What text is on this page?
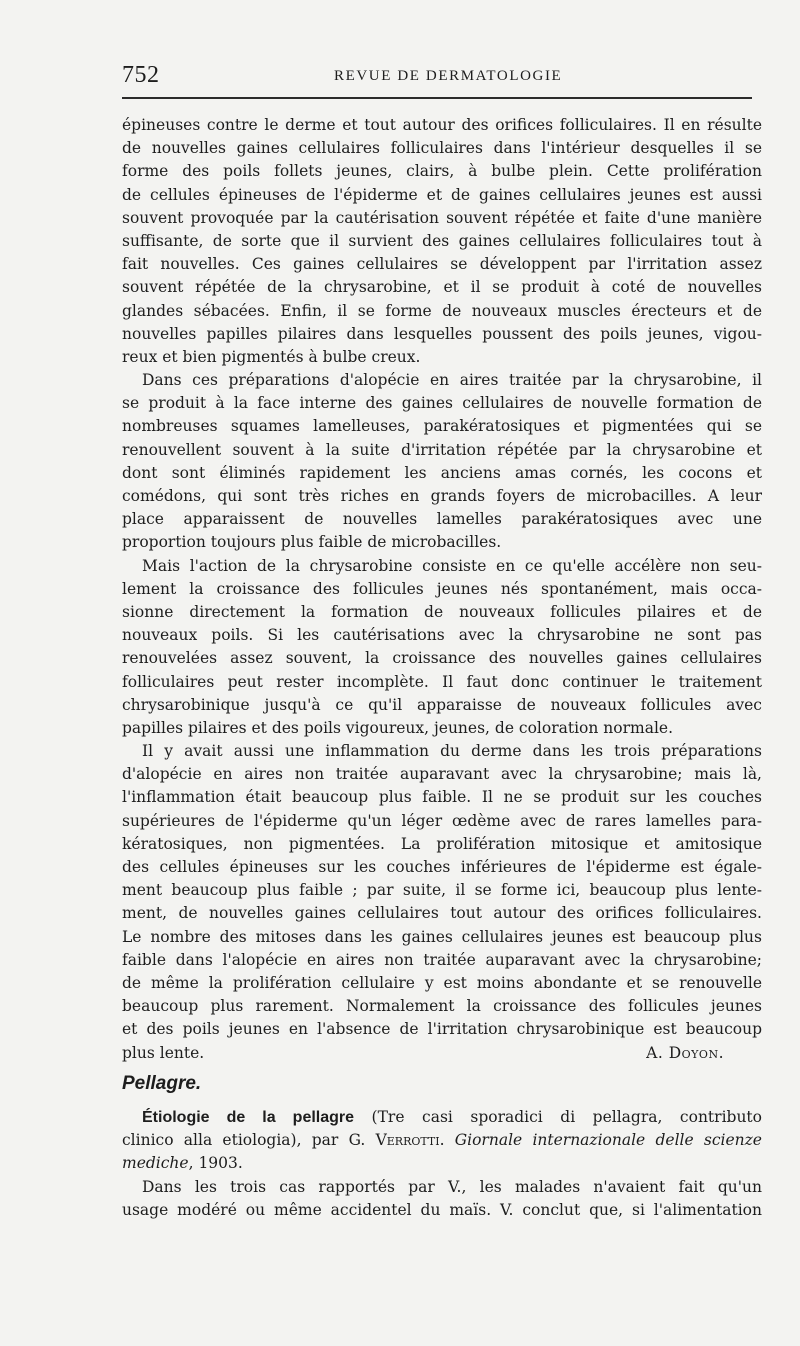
752	REVUE DE DERMATOLOGIE
épineuses contre le derme et tout autour des orifices folliculaires. Il en résulte
de nouvelles gaines cellulaires folliculaires dans l'intérieur desquelles il se
forme des poils follets jeunes, clairs, à bulbe plein. Cette prolifération
de cellules épineuses de l'épiderme et de gaines cellulaires jeunes est aussi
souvent provoquée par la cautérisation souvent répétée et faite d'une manière
suffisante, de sorte que il survient des gaines cellulaires folliculaires tout à
fait nouvelles. Ces gaines cellulaires se développent par l'irritation assez
souvent répétée de la chrysarobine, et il se produit à coté de nouvelles
glandes sébacées. Enfin, il se forme de nouveaux muscles érecteurs et de
nouvelles papilles pilaires dans lesquelles poussent des poils jeunes, vigou-
reux et bien pigmentés à bulbe creux.
Dans ces préparations d'alopécie en aires traitée par la chrysarobine, il
se produit à la face interne des gaines cellulaires de nouvelle formation de
nombreuses squames lamelleuses, parakératosiques et pigmentées qui se
renouvellent souvent à la suite d'irritation répétée par la chrysarobine et
dont sont éliminés rapidement les anciens amas cornés, les cocons et
comédons, qui sont très riches en grands foyers de microbacilles. A leur
place apparaissent de nouvelles lamelles parakératosiques avec une
proportion toujours plus faible de microbacilles.
Mais l'action de la chrysarobine consiste en ce qu'elle accélère non seu-
lement la croissance des follicules jeunes nés spontanément, mais occa-
sionne directement la formation de nouveaux follicules pilaires et de
nouveaux poils. Si les cautérisations avec la chrysarobine ne sont pas
renouvelées assez souvent, la croissance des nouvelles gaines cellulaires
folliculaires peut rester incomplète. Il faut donc continuer le traitement
chrysarobinique jusqu'à ce qu'il apparaisse de nouveaux follicules avec
papilles pilaires et des poils vigoureux, jeunes, de coloration normale.
Il y avait aussi une inflammation du derme dans les trois préparations
d'alopécie en aires non traitée auparavant avec la chrysarobine; mais là,
l'inflammation était beaucoup plus faible. Il ne se produit sur les couches
supérieures de l'épiderme qu'un léger œdème avec de rares lamelles para-
kératosiques, non pigmentées. La prolifération mitosique et amitosique
des cellules épineuses sur les couches inférieures de l'épiderme est égale-
ment beaucoup plus faible ; par suite, il se forme ici, beaucoup plus lente-
ment, de nouvelles gaines cellulaires tout autour des orifices folliculaires.
Le nombre des mitoses dans les gaines cellulaires jeunes est beaucoup plus
faible dans l'alopécie en aires non traitée auparavant avec la chrysarobine;
de même la prolifération cellulaire y est moins abondante et se renouvelle
beaucoup plus rarement. Normalement la croissance des follicules jeunes
et des poils jeunes en l'absence de l'irritation chrysarobinique est beaucoup
plus lente.	A. Doyon.
Pellagre.
Étiologie de la pellagre (Tre casi sporadici di pellagra, contributo
clinico alla etiologia), par G. Verrotti. Giornale internazionale delle scienze
mediche, 1903.
Dans les trois cas rapportés par V., les malades n'avaient fait qu'un
usage modéré ou même accidentel du maïs. V. conclut que, si l'alimentation
